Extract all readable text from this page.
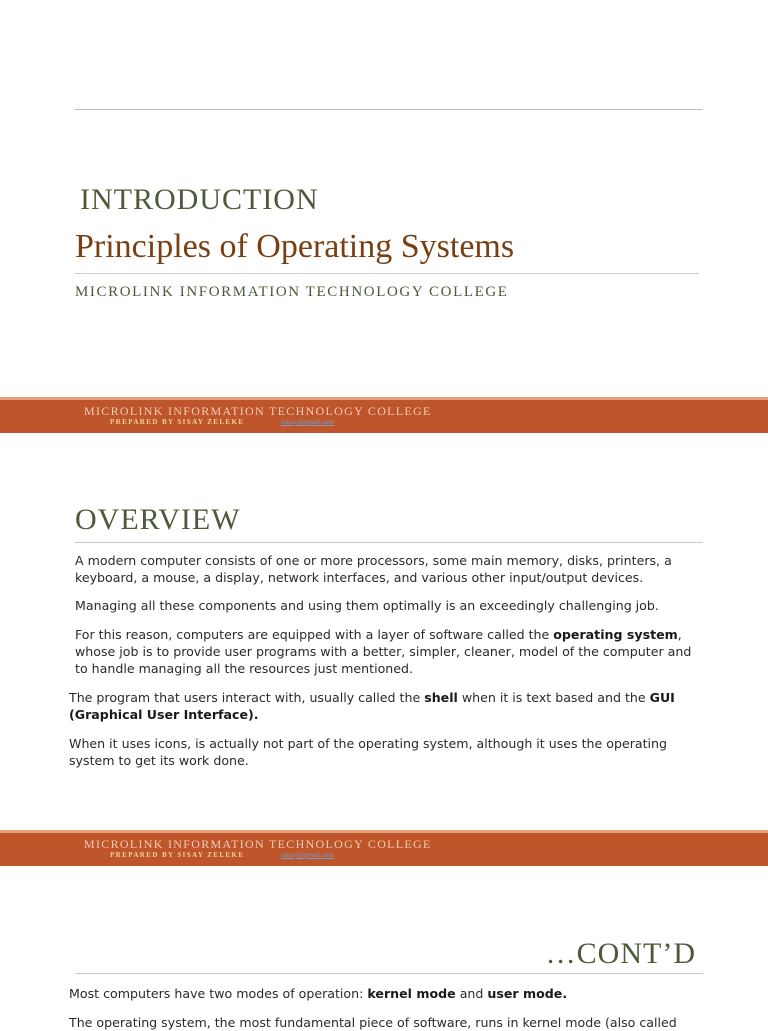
INTRODUCTION
Principles of Operating Systems
MICROLINK INFORMATION TECHNOLOGY COLLEGE
MICROLINK INFORMATION TECHNOLOGY COLLEGE
PREPARED BY SISAY ZELEKE	ssisay@gmail.com
OVERVIEW

A modern computer consists of one or more processors, some main memory, disks, printers, a keyboard, a mouse, a display, network interfaces, and various other input/output devices.

Managing all these components and using them optimally is an exceedingly challenging job.

For this reason, computers are equipped with a layer of software called the operating system, whose job is to provide user programs with a better, simpler, cleaner, model of the computer and to handle managing all the resources just mentioned.

The program that users interact with, usually called the shell when it is text based and the GUI (Graphical User Interface).

When it uses icons, is actually not part of the operating system, although it uses the operating system to get its work done.

MICROLINK INFORMATION TECHNOLOGY COLLEGE
PREPARED BY SISAY ZELEKE	ssisay@gmail.com
…CONT’D

Most computers have two modes of operation: kernel mode and user mode.

The operating system, the most fundamental piece of software, runs in kernel mode (also called
